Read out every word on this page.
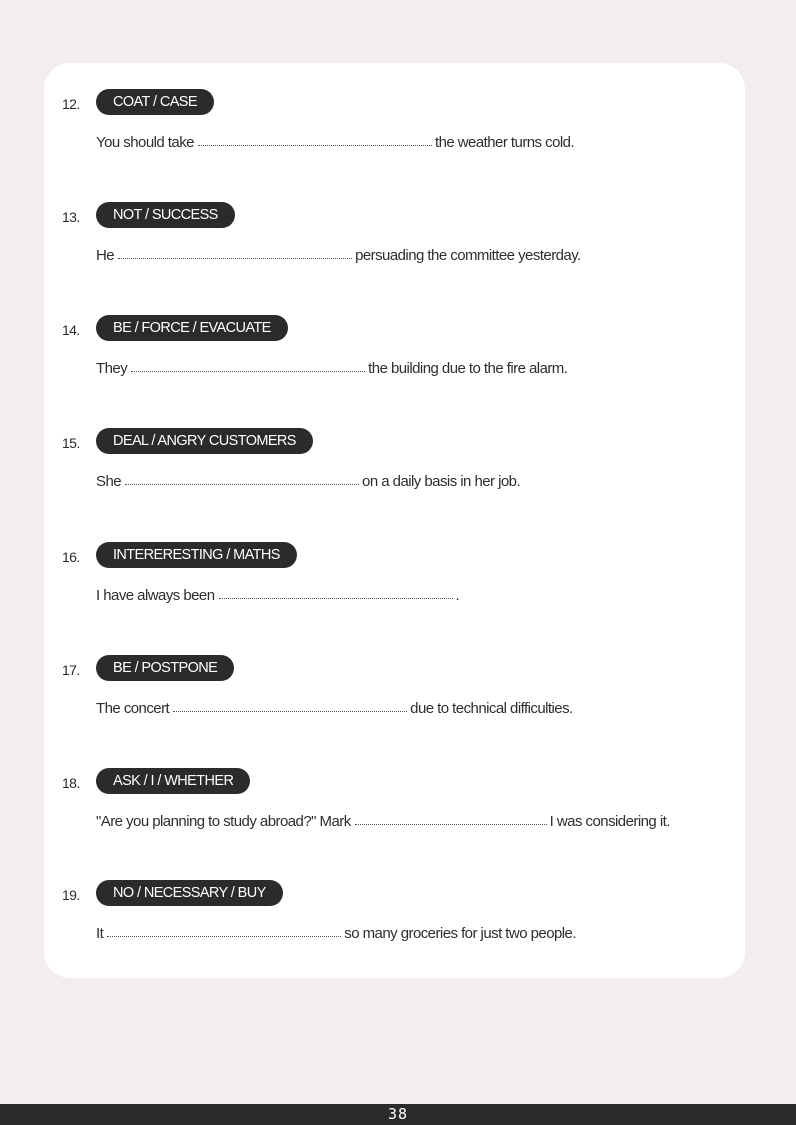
12.	COAT / CASE
You should take	the weather turns cold.
13.	NOT / SUCCESS
He	persuading the committee yesterday.
14.	BE / FORCE / EVACUATE
They	the building due to the fire alarm.
15.	DEAL / ANGRY CUSTOMERS
She	on a daily basis in her job.
16.	INTERERESTING / MATHS
I have always been	.
17.	BE / POSTPONE
The concert	due to technical difficulties.
18.	ASK / I / WHETHER
"Are you planning to study abroad?" Mark	I was considering it.
19.	NO / NECESSARY / BUY
It	so many groceries for just two people.
38
